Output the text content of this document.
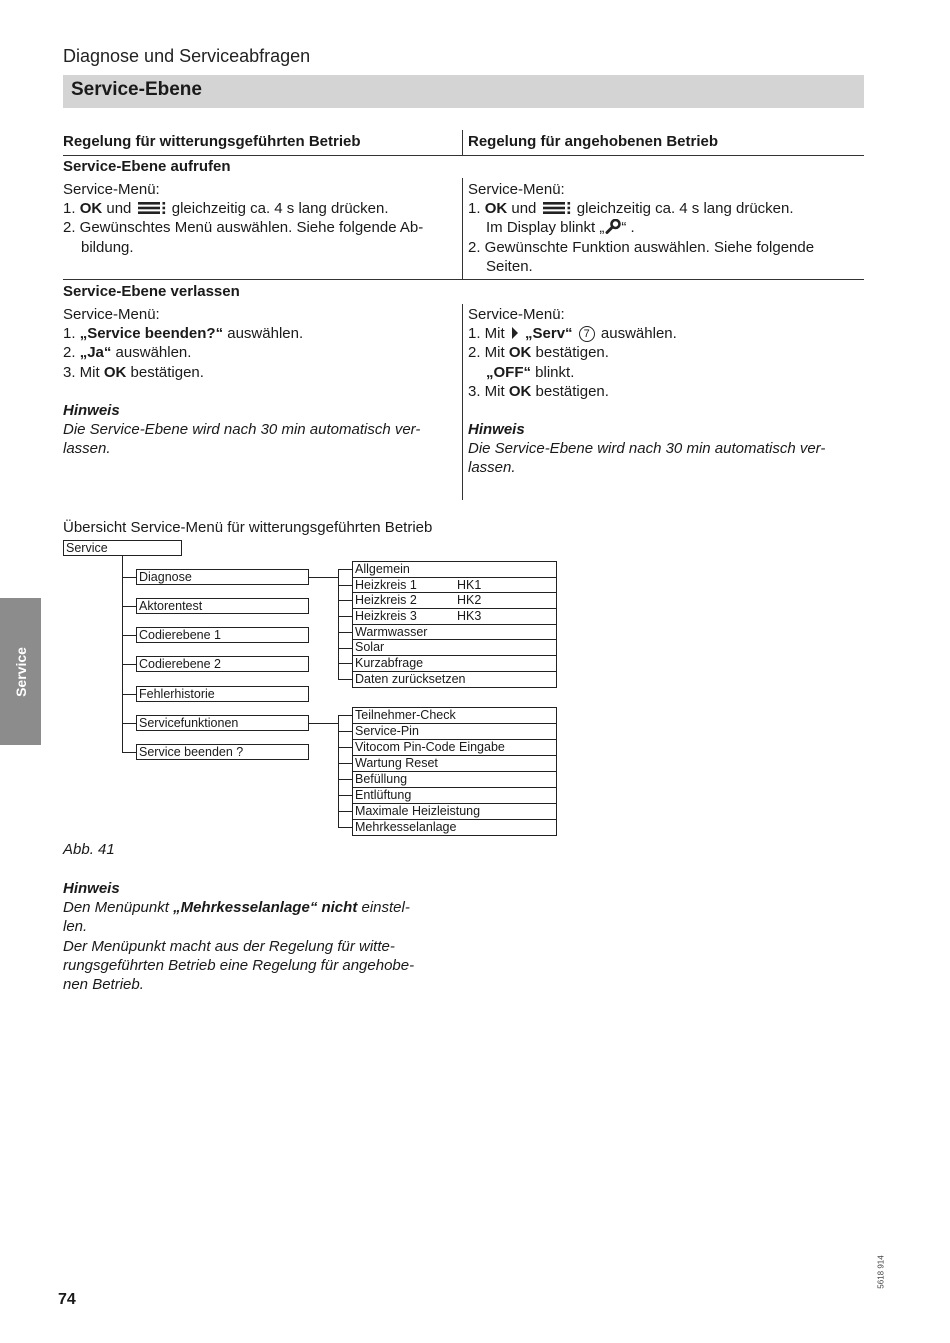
Diagnose und Serviceabfragen
Service-Ebene
Regelung für witterungsgeführten Betrieb	Regelung für angehobenen Betrieb
Service-Ebene aufrufen
Service-Menü:
1. OK und	gleichzeitig ca. 4 s lang drücken.
2. Gewünschtes Menü auswählen. Siehe folgende Ab-
bildung.
Service-Menü:
1. OK und	gleichzeitig ca. 4 s lang drücken.
Im Display blinkt „ “ .
2. Gewünschte Funktion auswählen. Siehe folgende
Seiten.
Service-Ebene verlassen
Service-Menü:
1. „Service beenden?“ auswählen.
2. „Ja“ auswählen.
3. Mit OK bestätigen.
Hinweis
Die Service-Ebene wird nach 30 min automatisch ver-
lassen.
Service-Menü:
1. Mit „Serv“ 7 auswählen.
2. Mit OK bestätigen.
„OFF“ blinkt.
3. Mit OK bestätigen.
Hinweis
Die Service-Ebene wird nach 30 min automatisch ver-
lassen.
Übersicht Service-Menü für witterungsgeführten Betrieb
Service
Diagnose
Aktorentest
Codierebene 1
Codierebene 2
Fehlerhistorie
Servicefunktionen
Service beenden ?
Allgemein
Heizkreis 1	HK1
Heizkreis 2	HK2
Heizkreis 3	HK3
Warmwasser
Solar
Kurzabfrage
Daten zurücksetzen
Teilnehmer-Check
Service-Pin
Vitocom Pin-Code Eingabe
Wartung Reset
Befüllung
Entlüftung
Maximale Heizleistung
Mehrkesselanlage
Abb. 41
Hinweis
Den Menüpunkt „Mehrkesselanlage“ nicht einstel-
len.
Der Menüpunkt macht aus der Regelung für witte-
rungsgeführten Betrieb eine Regelung für angehobe-
nen Betrieb.
Service
74
5618 914
